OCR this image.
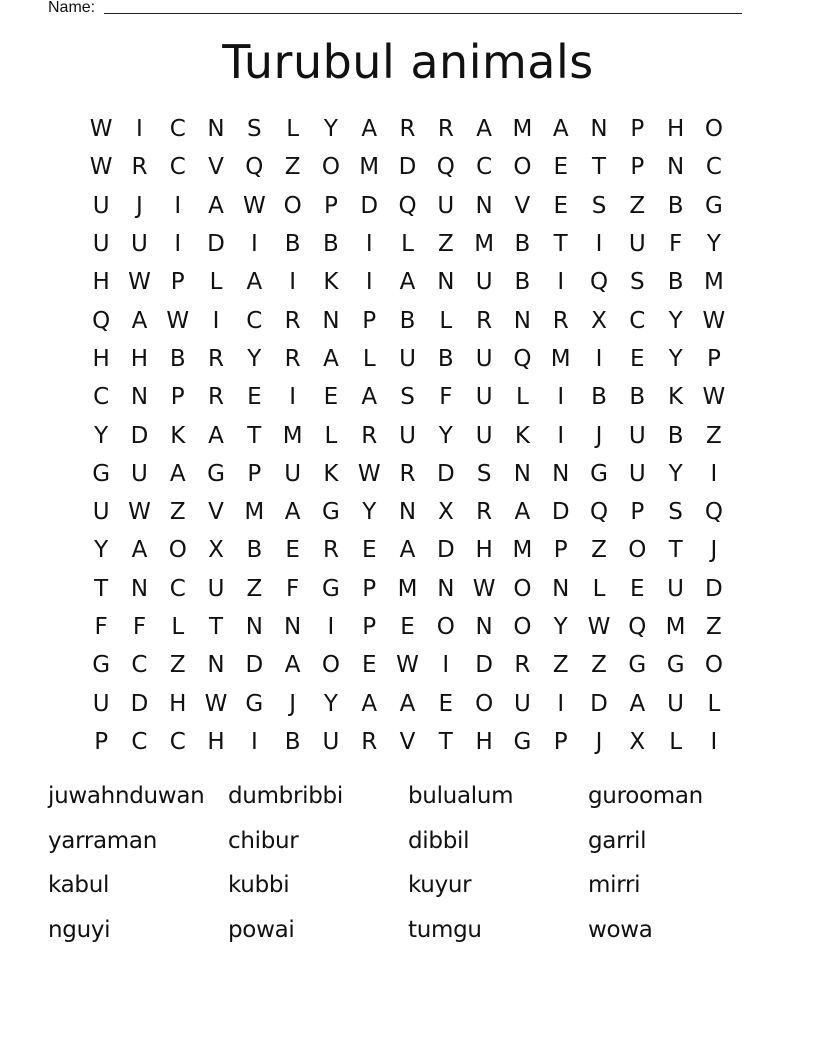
Name:
Turubul animals
W	I	C N S	L	Y	A R R A M A N P H O
W R C V Q Z O M D Q C O E	T	P N C
U	J	I	A W O P D Q U N V	E	S	Z B G
U U	I	D	I	B B	I	L	Z M B	T	I	U	F	Y
H W P	L	A	I	K	I	A N U B	I	Q S	B M
Q A W	I	C R N P	B	L	R N R X C	Y W
H H B R	Y	R A	L	U B U Q M	I	E	Y	P
C N P	R	E	I	E	A	S	F	U	L	I	B B K W
Y D K A	T M L	R U Y U K	I	J	U B Z
G U A G P U K W R D S N N G U Y	I
U W Z V M A G Y N X R A D Q P	S Q
Y	A O X B	E	R	E	A D H M P	Z O T	J
T N C U Z	F G P M N W O N	L	E U D
F	F	L	T N N	I	P	E O N O Y W Q M Z
G C Z N D A O E W	I	D R Z Z G G O
U D H W G	J	Y	A A	E O U	I	D A U	L
P	C C H	I	B U R V	T H G P	J	X	L	I
juwahnduwan	dumbribbi	bulualum	gurooman
yarraman	chibur	dibbil	garril
kabul	kubbi	kuyur	mirri
nguyi	powai	tumgu	wowa
